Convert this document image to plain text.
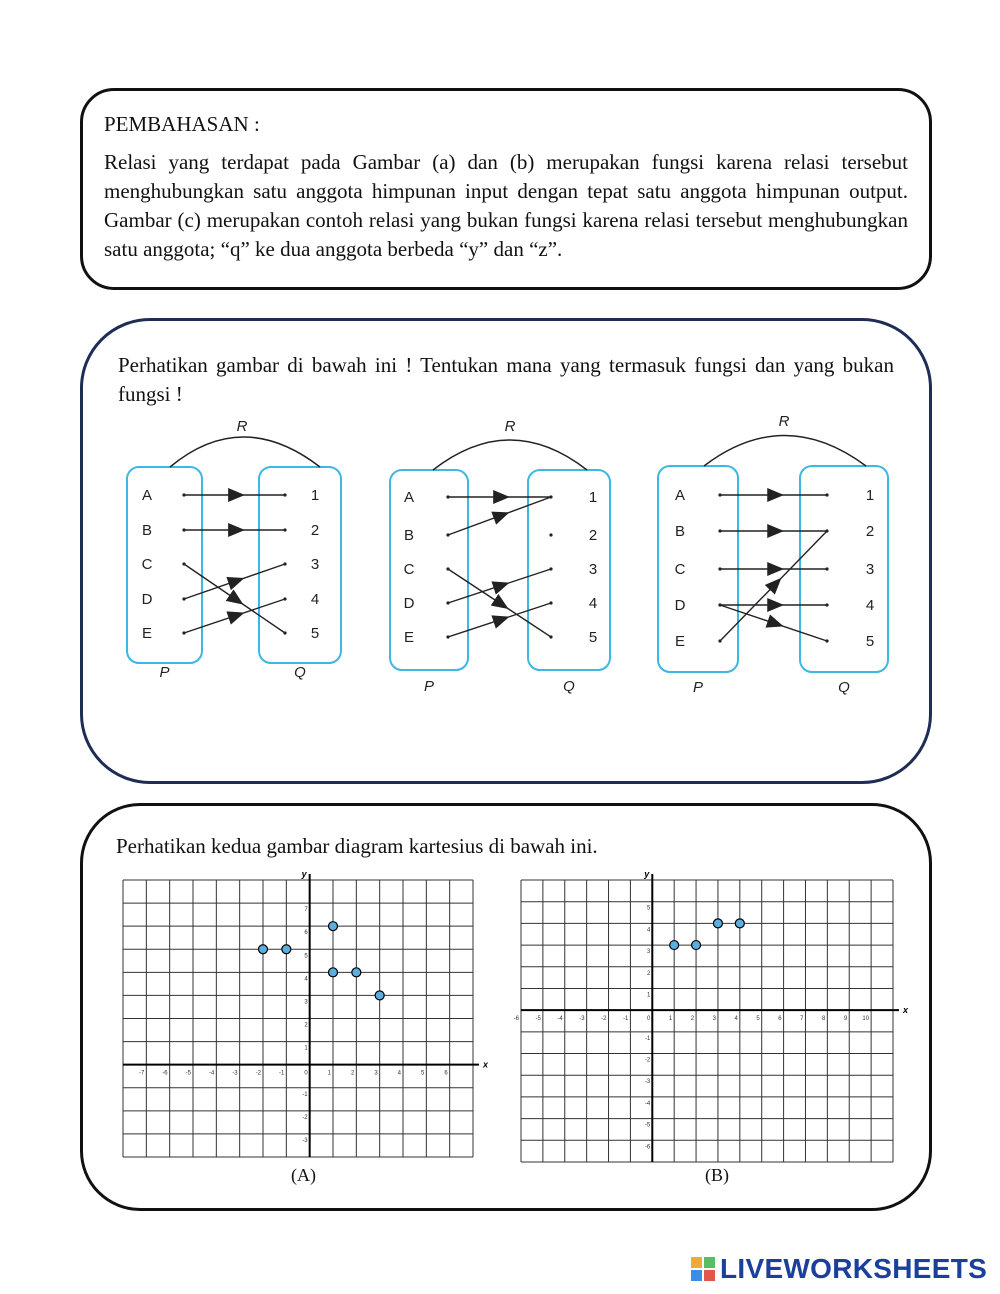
PEMBAHASAN :
Relasi yang terdapat pada Gambar (a) dan (b) merupakan fungsi karena relasi tersebut menghubungkan satu anggota himpunan input dengan tepat satu anggota himpunan output. Gambar (c) merupakan contoh relasi yang bukan fungsi karena relasi tersebut menghubungkan satu anggota; “q” ke dua anggota berbeda “y” dan “z”.
Perhatikan gambar di bawah ini ! Tentukan mana yang termasuk fungsi dan yang bukan fungsi !
R
P	Q
A
B
C
D
E
1
2
3
4
5
R
P	Q
A
B
C
D
E
1
2
3
4
5
R
P	Q
A
B
C
D
E
1
2
3
4
5
Perhatikan kedua gambar diagram kartesius di bawah ini.
x
y
-7	-6	-5	-4	-3	-2	-1	0	1	2	3	4	5	6
-3
-2
-1
1
2
3
4
5
6
7
x
y
-6	-5	-4	-3	-2	-1	0	1	2	3	4	5	6	7	8	9	10
-6
-5
-4
-3
-2
-1
1
2
3
4
5
(A)	(B)
LIVEWORKSHEETS
